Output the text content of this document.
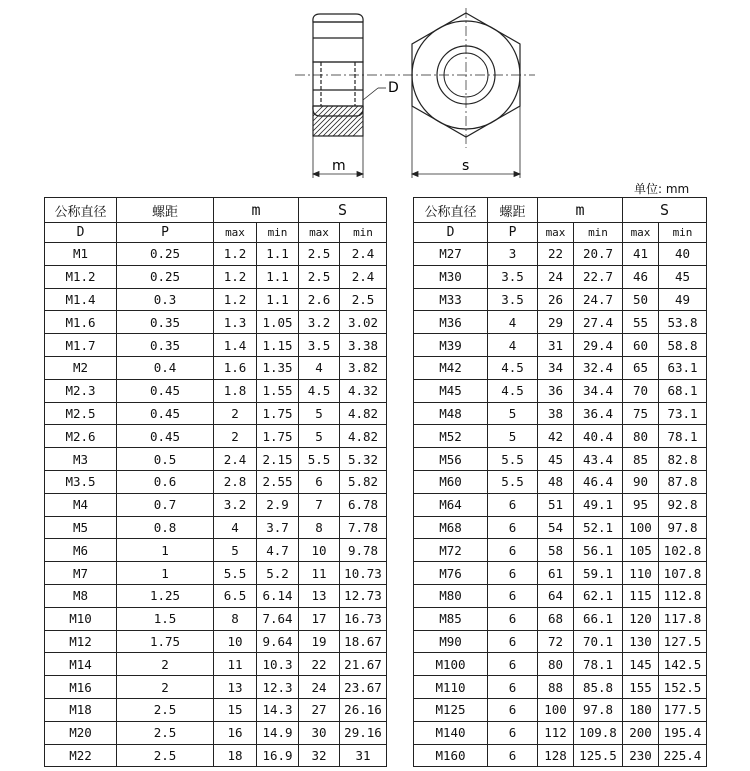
D
m	s
单位: mm
公称直径	螺距	m		S	
D	P				
		max	min	max	min
M1	0.25	1.2	1.1	2.5	2.4
M1.2	0.25	1.2	1.1	2.5	2.4
M1.4	0.3	1.2	1.1	2.6	2.5
M1.6	0.35	1.3	1.05	3.2	3.02
M1.7	0.35	1.4	1.15	3.5	3.38
M2	0.4	1.6	1.35	4	3.82
M2.3	0.45	1.8	1.55	4.5	4.32
M2.5	0.45	2	1.75	5	4.82
M2.6	0.45	2	1.75	5	4.82
M3	0.5	2.4	2.15	5.5	5.32
M3.5	0.6	2.8	2.55	6	5.82
M4	0.7	3.2	2.9	7	6.78
M5	0.8	4	3.7	8	7.78
M6	1	5	4.7	10	9.78
M7	1	5.5	5.2	11	10.73
M8	1.25	6.5	6.14	13	12.73
M10	1.5	8	7.64	17	16.73
M12	1.75	10	9.64	19	18.67
M14	2	11	10.3	22	21.67
M16	2	13	12.3	24	23.67
M18	2.5	15	14.3	27	26.16
M20	2.5	16	14.9	30	29.16
M22	2.5	18	16.9	32	31
公称直径	螺距	m		S	
D	P				
		max	min	max	min
M27	3	22	20.7	41	40
M30	3.5	24	22.7	46	45
M33	3.5	26	24.7	50	49
M36	4	29	27.4	55	53.8
M39	4	31	29.4	60	58.8
M42	4.5	34	32.4	65	63.1
M45	4.5	36	34.4	70	68.1
M48	5	38	36.4	75	73.1
M52	5	42	40.4	80	78.1
M56	5.5	45	43.4	85	82.8
M60	5.5	48	46.4	90	87.8
M64	6	51	49.1	95	92.8
M68	6	54	52.1	100	97.8
M72	6	58	56.1	105	102.8
M76	6	61	59.1	110	107.8
M80	6	64	62.1	115	112.8
M85	6	68	66.1	120	117.8
M90	6	72	70.1	130	127.5
M100	6	80	78.1	145	142.5
M110	6	88	85.8	155	152.5
M125	6	100	97.8	180	177.5
M140	6	112	109.8	200	195.4
M160	6	128	125.5	230	225.4
